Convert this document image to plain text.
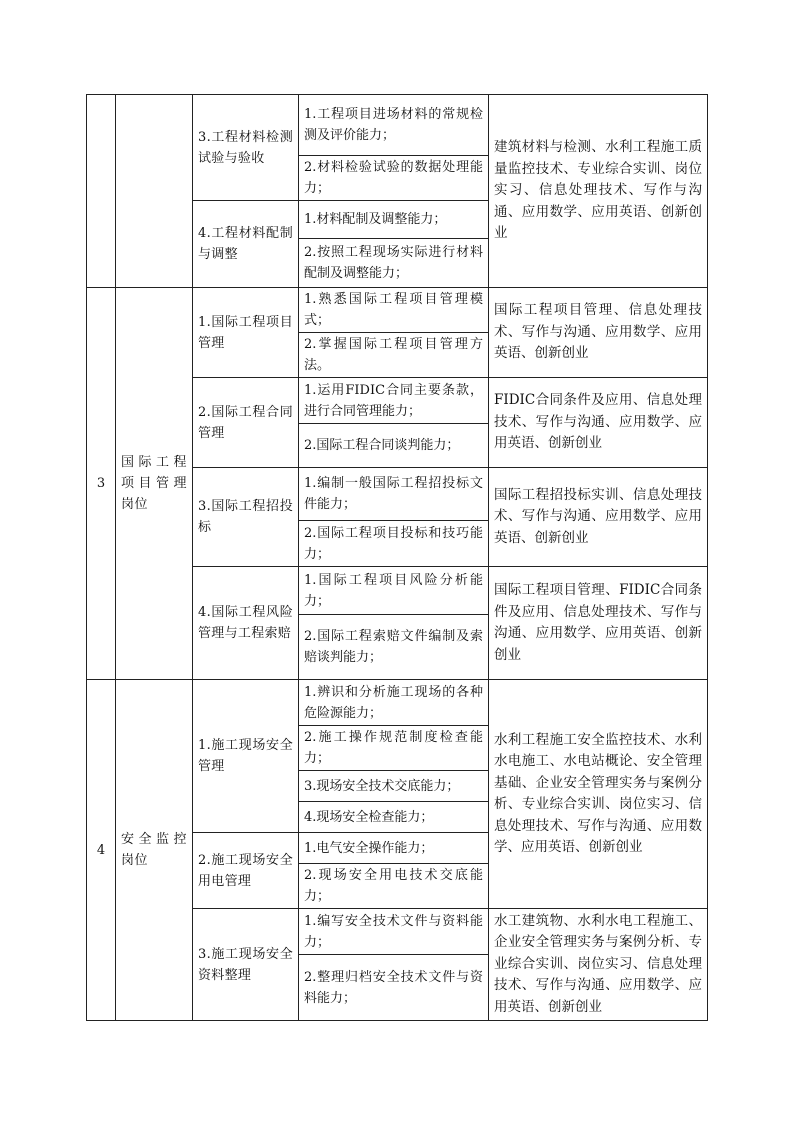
		3.工程材料检测试验与验收	1.工程项目进场材料的常规检测及评价能力；	建筑材料与检测、水利工程施工质量监控技术、专业综合实训、岗位实习、信息处理技术、写作与沟通、应用数学、应用英语、创新创业
			2.材料检验试验的数据处理能力；	
		4.工程材料配制与调整	1.材料配制及调整能力；	
			2.按照工程现场实际进行材料配制及调整能力；	
3	国际工程项目管理岗位	1.国际工程项目管理	1.熟悉国际工程项目管理模式；	国际工程项目管理、信息处理技术、写作与沟通、应用数学、应用英语、创新创业
			2.掌握国际工程项目管理方法。	
		2.国际工程合同管理	1.运用FIDIC合同主要条款，进行合同管理能力；	FIDIC合同条件及应用、信息处理技术、写作与沟通、应用数学、应用英语、创新创业
			2.国际工程合同谈判能力；	
		3.国际工程招投标	1.编制一般国际工程招投标文件能力；	国际工程招投标实训、信息处理技术、写作与沟通、应用数学、应用英语、创新创业
			2.国际工程项目投标和技巧能力；	
		4.国际工程风险管理与工程索赔	1.国际工程项目风险分析能力；	国际工程项目管理、FIDIC合同条件及应用、信息处理技术、写作与沟通、应用数学、应用英语、创新创业
			2.国际工程索赔文件编制及索赔谈判能力；	
4	安全监控岗位	1.施工现场安全管理	1.辨识和分析施工现场的各种危险源能力；	水利工程施工安全监控技术、水利水电施工、水电站概论、安全管理基础、企业安全管理实务与案例分析、专业综合实训、岗位实习、信息处理技术、写作与沟通、应用数学、应用英语、创新创业
			2.施工操作规范制度检查能力；	
			3.现场安全技术交底能力；	
			4.现场安全检查能力；	
		2.施工现场安全用电管理	1.电气安全操作能力；	
			2.现场安全用电技术交底能力；	
		3.施工现场安全资料整理	1.编写安全技术文件与资料能力；	水工建筑物、水利水电工程施工、企业安全管理实务与案例分析、专业综合实训、岗位实习、信息处理技术、写作与沟通、应用数学、应用英语、创新创业
			2.整理归档安全技术文件与资料能力；	
